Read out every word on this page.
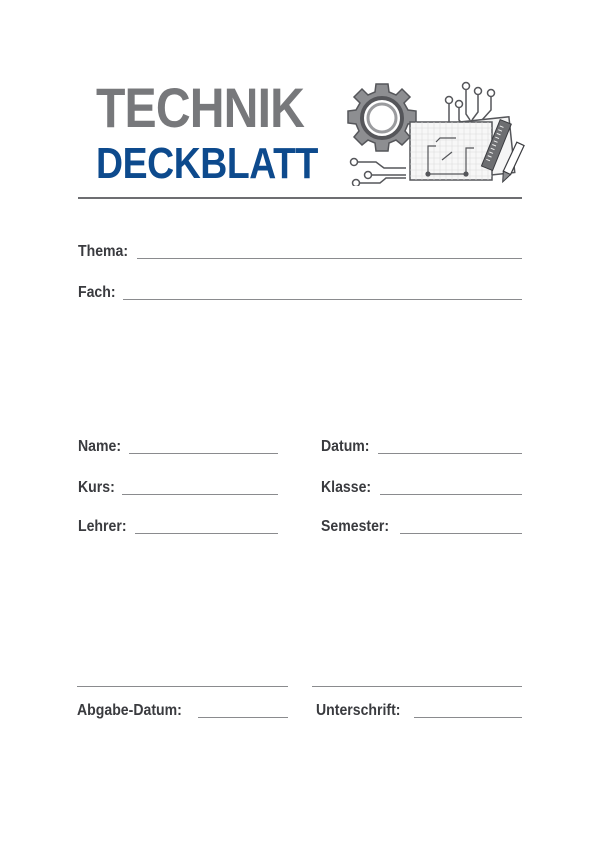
TECHNIK
DECKBLATT
Thema:
Fach:
Name:
Kurs:
Lehrer:
Datum:
Klasse:
Semester:
Abgabe-Datum:	Unterschrift:
